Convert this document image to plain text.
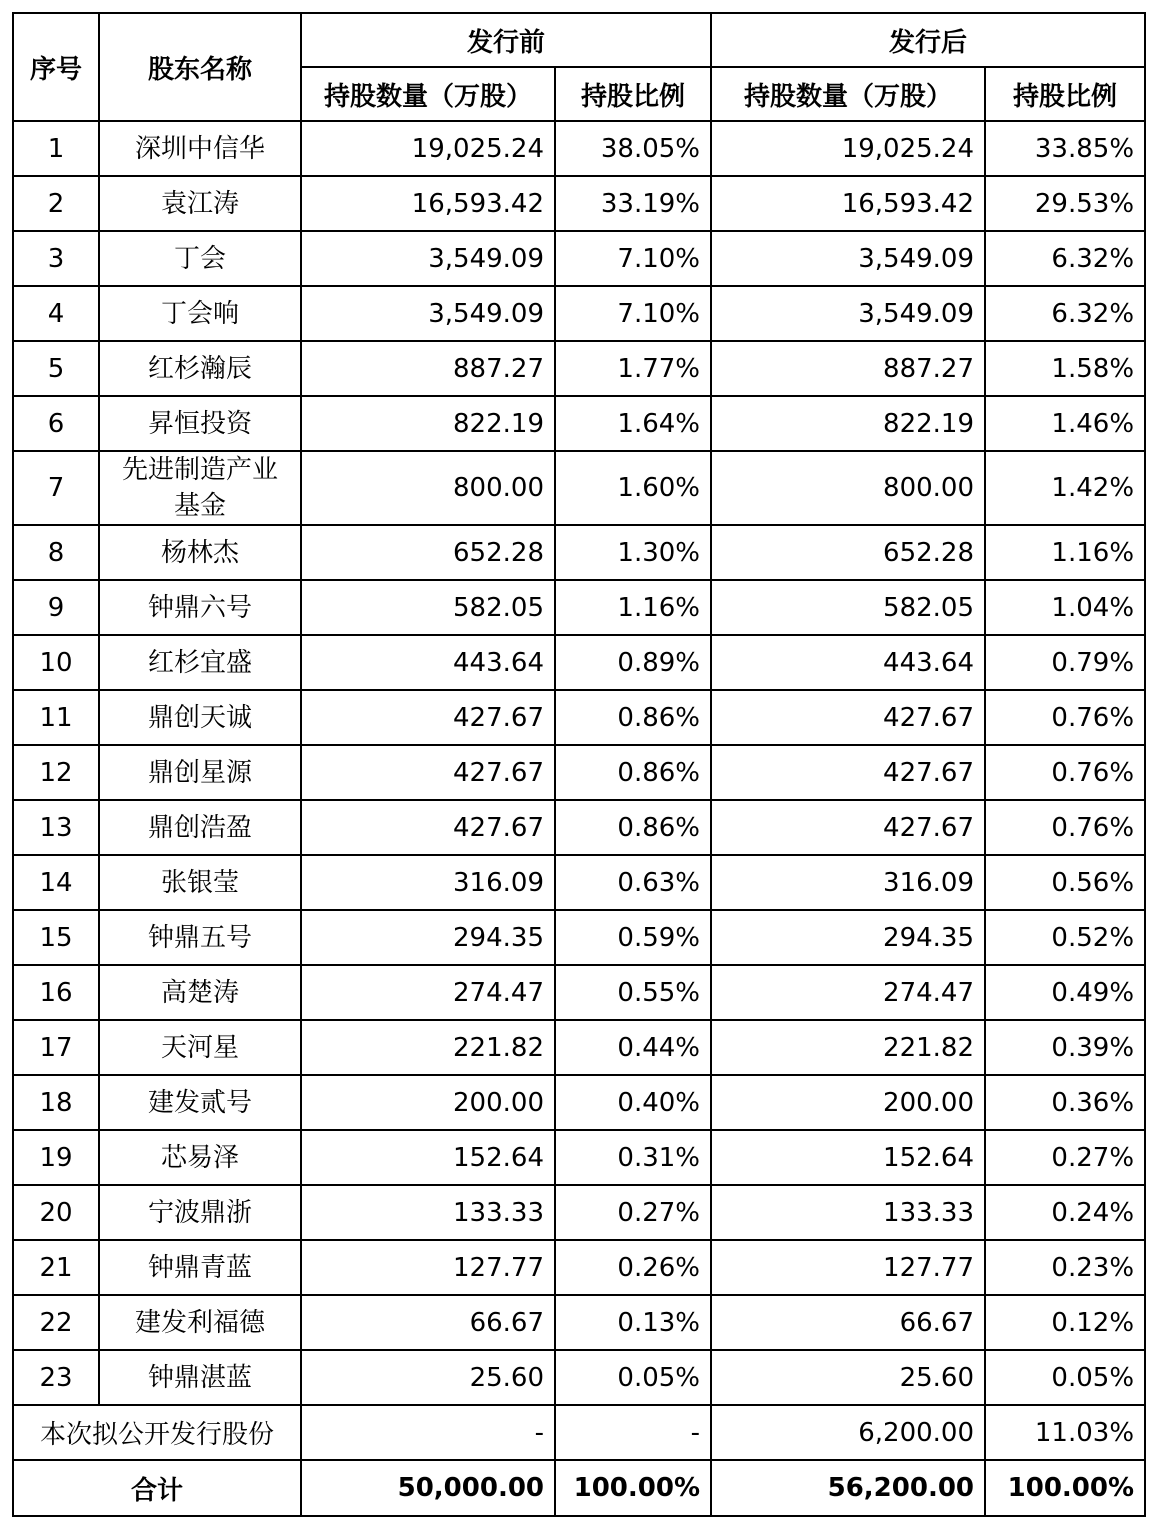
序号	股东名称	发行前		发行后	
		持股数量（万股）	持股比例	持股数量（万股）	持股比例
1	深圳中信华	19,025.24	38.05%	19,025.24	33.85%
2	袁江涛	16,593.42	33.19%	16,593.42	29.53%
3	丁会	3,549.09	7.10%	3,549.09	6.32%
4	丁会响	3,549.09	7.10%	3,549.09	6.32%
5	红杉瀚辰	887.27	1.77%	887.27	1.58%
6	昇恒投资	822.19	1.64%	822.19	1.46%
7	先进制造产业基金	800.00	1.60%	800.00	1.42%
8	杨林杰	652.28	1.30%	652.28	1.16%
9	钟鼎六号	582.05	1.16%	582.05	1.04%
10	红杉宜盛	443.64	0.89%	443.64	0.79%
11	鼎创天诚	427.67	0.86%	427.67	0.76%
12	鼎创星源	427.67	0.86%	427.67	0.76%
13	鼎创浩盈	427.67	0.86%	427.67	0.76%
14	张银莹	316.09	0.63%	316.09	0.56%
15	钟鼎五号	294.35	0.59%	294.35	0.52%
16	高楚涛	274.47	0.55%	274.47	0.49%
17	天河星	221.82	0.44%	221.82	0.39%
18	建发贰号	200.00	0.40%	200.00	0.36%
19	芯易泽	152.64	0.31%	152.64	0.27%
20	宁波鼎浙	133.33	0.27%	133.33	0.24%
21	钟鼎青蓝	127.77	0.26%	127.77	0.23%
22	建发利福德	66.67	0.13%	66.67	0.12%
23	钟鼎湛蓝	25.60	0.05%	25.60	0.05%
本次拟公开发行股份		-	-	6,200.00	11.03%
合计		50,000.00	100.00%	56,200.00	100.00%
